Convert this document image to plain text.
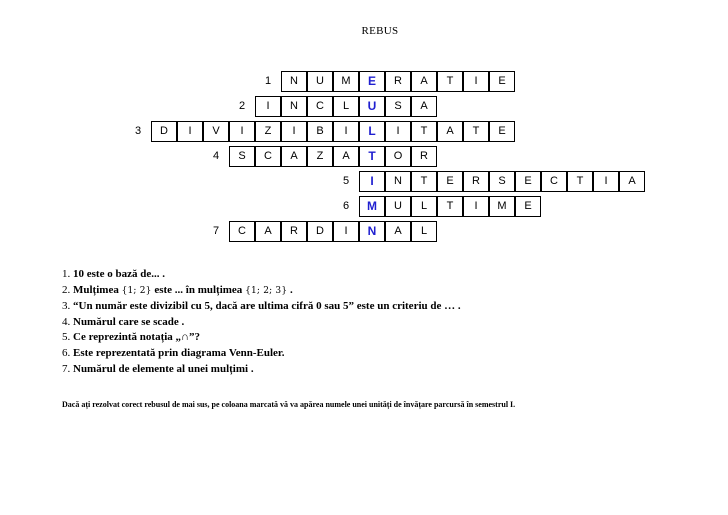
REBUS
1	N	U	M	E	R	A	T	I	E
2	I	N	C	L	U	S	A
3	D	I	V	I	Z	I	B	I	L	I	T	A	T	E
4	S	C	A	Z	A	T	O	R
5	I	N	T	E	R	S	E	C	T	I	A
6	M	U	L	T	I	M	E
7	C	A	R	D	I	N	A	L
1. 10 este o bază de... .
2. Mulțimea {1; 2} este ... în mulțimea {1; 2; 3} .
3. “Un număr este divizibil cu 5, dacă are ultima cifră 0 sau 5” este un criteriu de … .
4. Numărul care se scade .
5. Ce reprezintă notația „∩”?
6. Este reprezentată prin diagrama Venn-Euler.
7. Numărul de elemente al unei mulțimi .
Dacă ați rezolvat corect rebusul de mai sus, pe coloana marcată vă va apărea numele unei unități de învățare parcursă în semestrul I.
